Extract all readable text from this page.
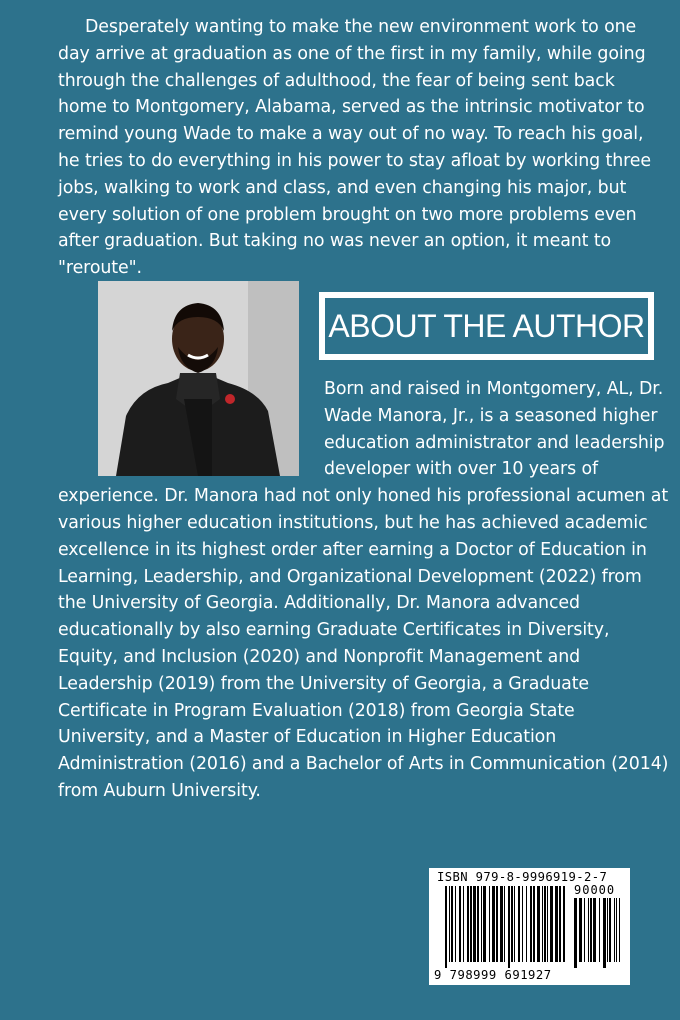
Desperately wanting to make the new environment work to one day arrive at graduation as one of the first in my family, while going through the challenges of adulthood, the fear of being sent back home to Montgomery, Alabama, served as the intrinsic motivator to remind young Wade to make a way out of no way. To reach his goal, he tries to do everything in his power to stay afloat by working three jobs, walking to work and class, and even changing his major, but every solution of one problem brought on two more problems even after graduation. But taking no was never an option, it meant to "reroute".

ABOUT THE AUTHOR
Born and raised in Montgomery, AL, Dr. Wade Manora, Jr., is a seasoned higher education administrator and leadership developer with over 10 years of experience. Dr. Manora had not only honed his professional acumen at various higher education institutions, but he has achieved academic excellence in its highest order after earning a Doctor of Education in Learning, Leadership, and Organizational Development (2022) from the University of Georgia. Additionally, Dr. Manora advanced educationally by also earning Graduate Certificates in Diversity, Equity, and Inclusion (2020) and Nonprofit Management and Leadership (2019) from the University of Georgia, a Graduate Certificate in Program Evaluation (2018) from Georgia State University, and a Master of Education in Higher Education Administration (2016) and a Bachelor of Arts in Communication (2014) from Auburn University.
ISBN 979-8-9996919-2-7
90000
9 798999 691927
